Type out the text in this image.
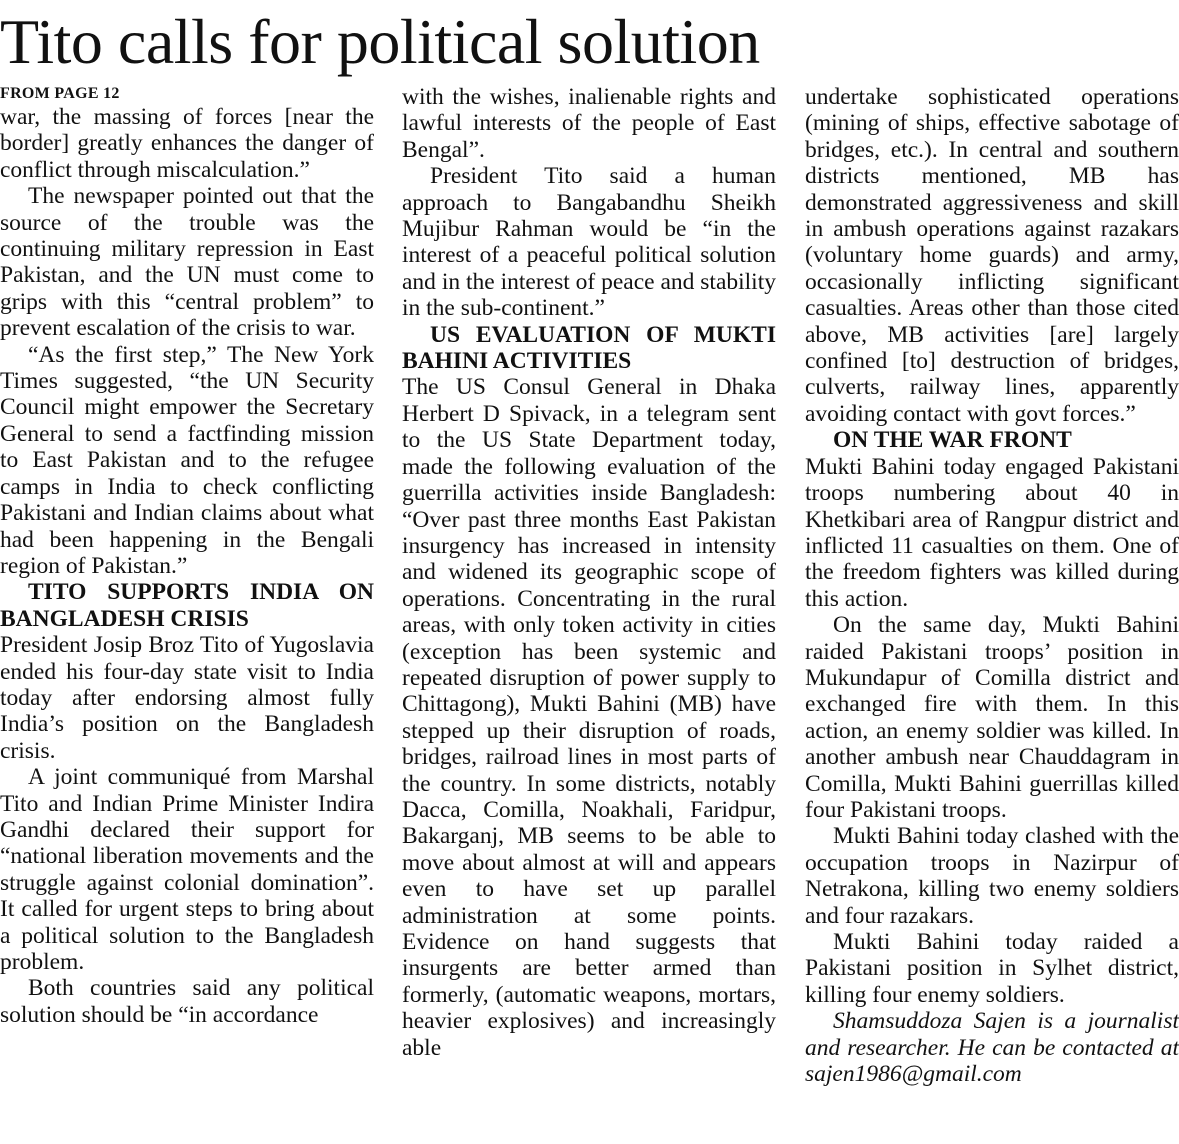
Tito calls for political solution

FROM PAGE 12

war, the massing of forces [near the border] greatly enhances the danger of conflict through miscalculation.”

The newspaper pointed out that the source of the trouble was the continuing military repression in East Pakistan, and the UN must come to grips with this “central problem” to prevent escalation of the crisis to war.

“As the first step,” The New York Times suggested, “the UN Security Council might empower the Secretary General to send a factfinding mission to East Pakistan and to the refugee camps in India to check conflicting Pakistani and Indian claims about what had been happening in the Bengali region of Pakistan.”

TITO SUPPORTS INDIA ON BANGLADESH CRISIS

President Josip Broz Tito of Yugoslavia ended his four-day state visit to India today after endorsing almost fully India’s position on the Bangladesh crisis.

A joint communiqué from Marshal Tito and Indian Prime Minister Indira Gandhi declared their support for “national liberation movements and the struggle against colonial domination”. It called for urgent steps to bring about a political solution to the Bangladesh problem.

Both countries said any political solution should be “in accordance

with the wishes, inalienable rights and lawful interests of the people of East Bengal”.

President Tito said a human approach to Bangabandhu Sheikh Mujibur Rahman would be “in the interest of a peaceful political solution and in the interest of peace and stability in the sub-continent.”

US EVALUATION OF MUKTI BAHINI ACTIVITIES

The US Consul General in Dhaka Herbert D Spivack, in a telegram sent to the US State Department today, made the following evaluation of the guerrilla activities inside Bangladesh: “Over past three months East Pakistan insurgency has increased in intensity and widened its geographic scope of operations. Concentrating in the rural areas, with only token activity in cities (exception has been systemic and repeated disruption of power supply to Chittagong), Mukti Bahini (MB) have stepped up their disruption of roads, bridges, railroad lines in most parts of the country. In some districts, notably Dacca, Comilla, Noakhali, Faridpur, Bakarganj, MB seems to be able to move about almost at will and appears even to have set up parallel administration at some points. Evidence on hand suggests that insurgents are better armed than formerly, (automatic weapons, mortars, heavier explosives) and increasingly able

undertake sophisticated operations (mining of ships, effective sabotage of bridges, etc.). In central and southern districts mentioned, MB has demonstrated aggressiveness and skill in ambush operations against razakars (voluntary home guards) and army, occasionally inflicting significant casualties. Areas other than those cited above, MB activities [are] largely confined [to] destruction of bridges, culverts, railway lines, apparently avoiding contact with govt forces.”

ON THE WAR FRONT

Mukti Bahini today engaged Pakistani troops numbering about 40 in Khetkibari area of Rangpur district and inflicted 11 casualties on them. One of the freedom fighters was killed during this action.

On the same day, Mukti Bahini raided Pakistani troops’ position in Mukundapur of Comilla district and exchanged fire with them. In this action, an enemy soldier was killed. In another ambush near Chauddagram in Comilla, Mukti Bahini guerrillas killed four Pakistani troops.

Mukti Bahini today clashed with the occupation troops in Nazirpur of Netrakona, killing two enemy soldiers and four razakars.

Mukti Bahini today raided a Pakistani position in Sylhet district, killing four enemy soldiers.

Shamsuddoza Sajen is a journalist and researcher. He can be contacted at sajen1986@gmail.com
